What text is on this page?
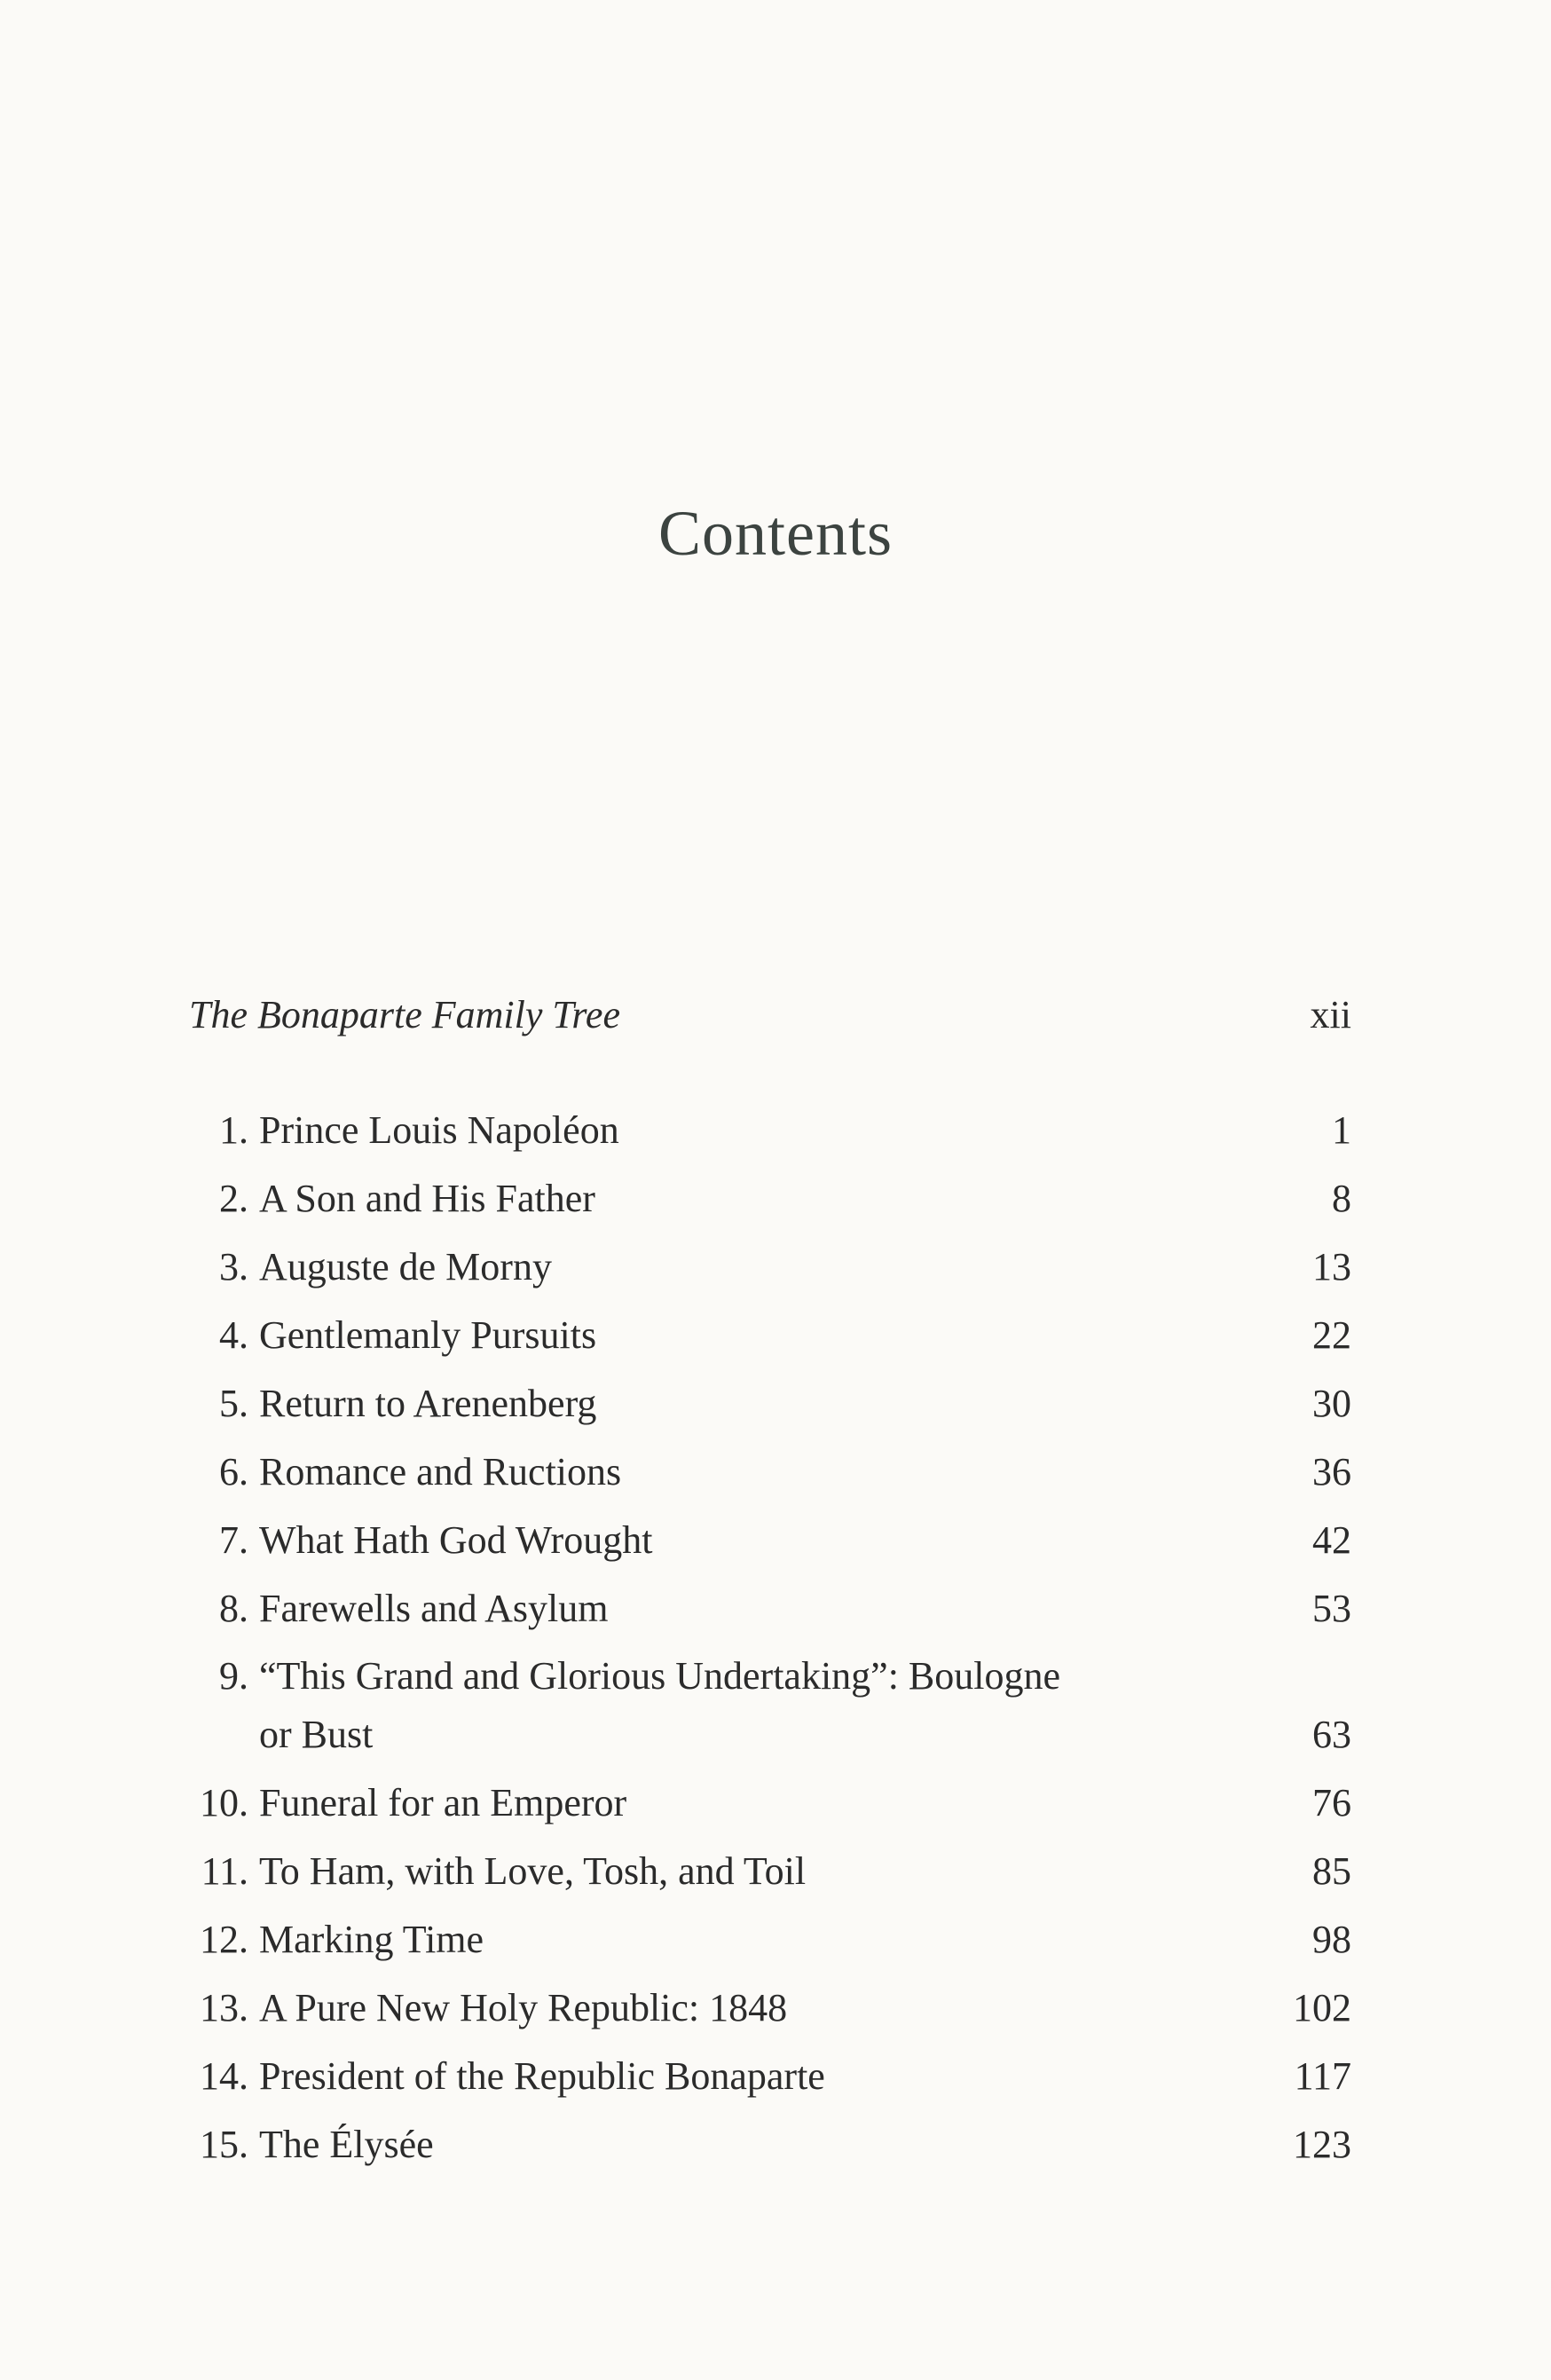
Contents
The Bonaparte Family Tree	xii
1. Prince Louis Napoléon	1
2. A Son and His Father	8
3. Auguste de Morny	13
4. Gentlemanly Pursuits	22
5. Return to Arenenberg	30
6. Romance and Ructions	36
7. What Hath God Wrought	42
8. Farewells and Asylum	53
9. “This Grand and Glorious Undertaking”: Boulogne
or Bust	63
10. Funeral for an Emperor	76
11. To Ham, with Love, Tosh, and Toil	85
12. Marking Time	98
13. A Pure New Holy Republic: 1848	102
14. President of the Republic Bonaparte	117
15. The Élysée	123
